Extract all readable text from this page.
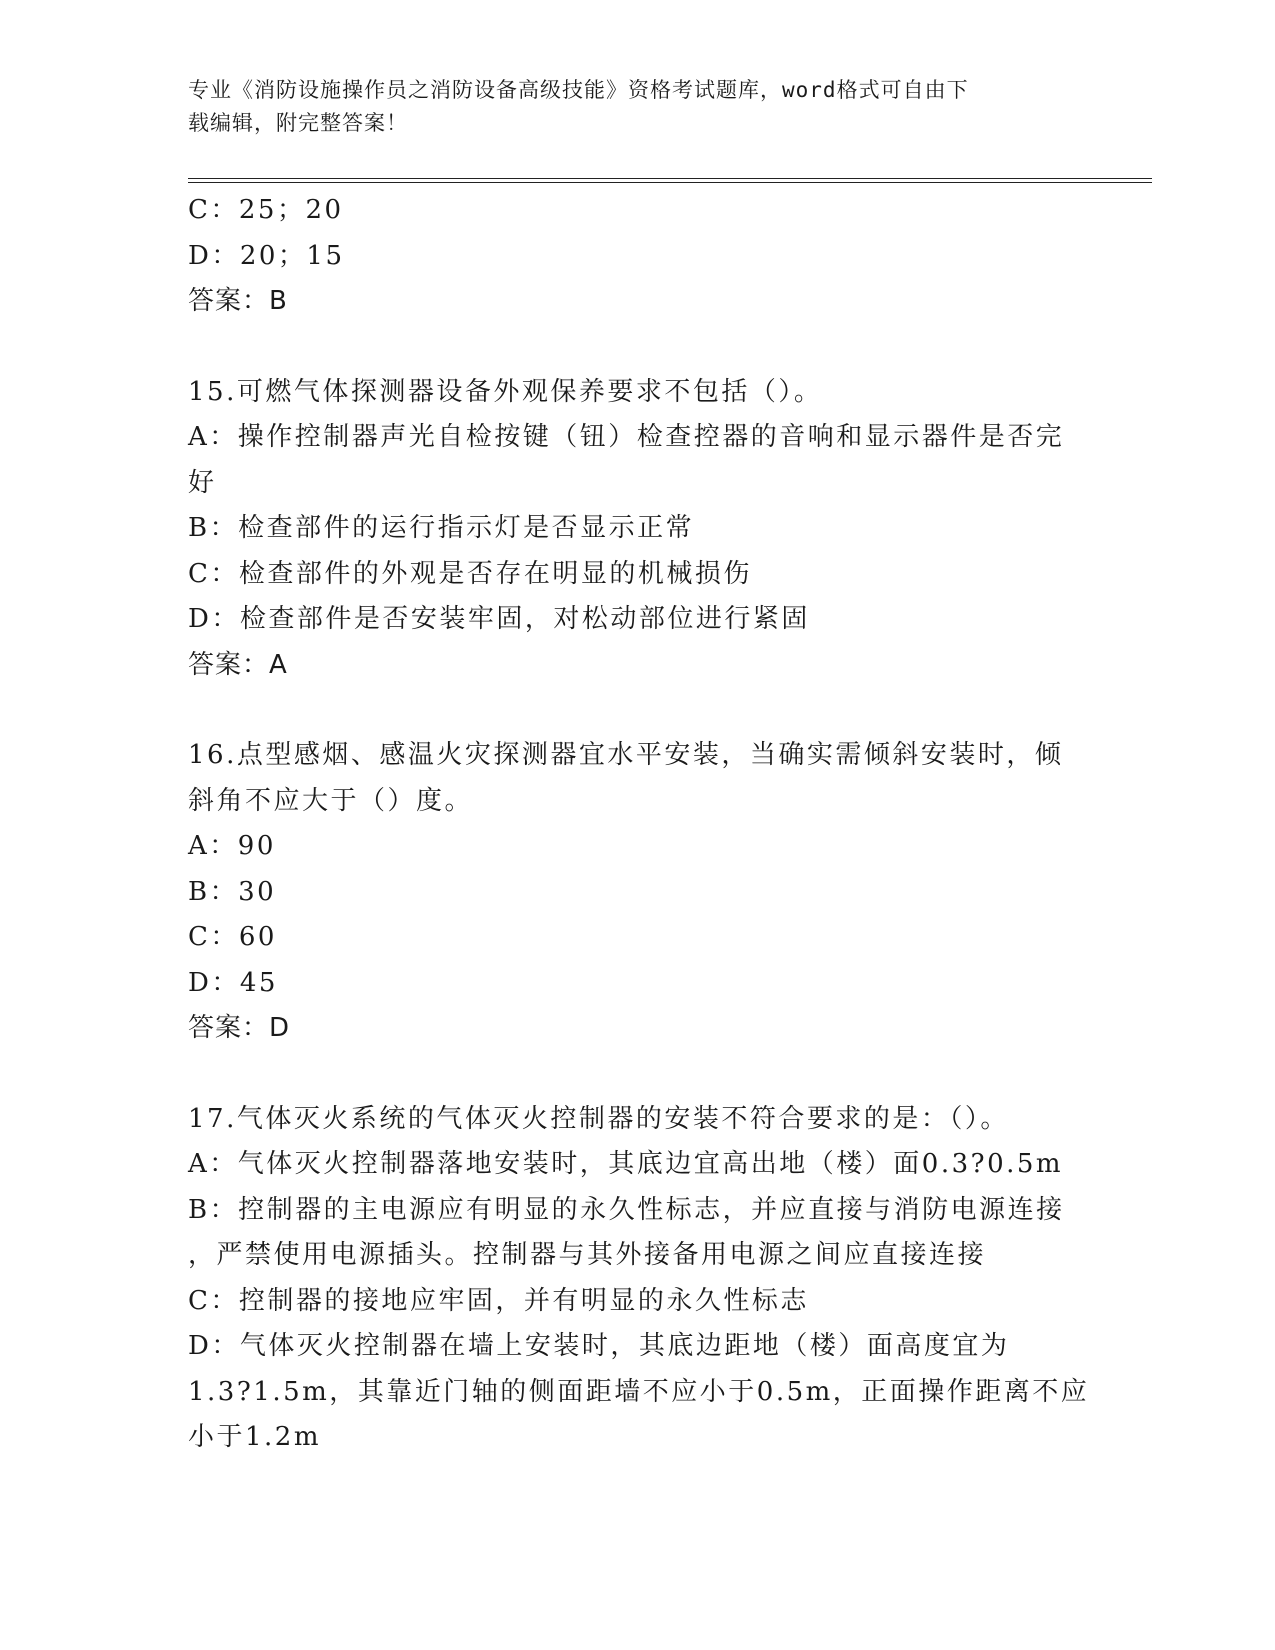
专业《消防设施操作员之消防设备高级技能》资格考试题库，word格式可自由下
载编辑，附完整答案！
C：25；20
D：20；15
答案：B
15.可燃气体探测器设备外观保养要求不包括（）。
A：操作控制器声光自检按键（钮）检查控器的音响和显示器件是否完
好
B：检查部件的运行指示灯是否显示正常
C：检查部件的外观是否存在明显的机械损伤
D：检查部件是否安装牢固，对松动部位进行紧固
答案：A
16.点型感烟、感温火灾探测器宜水平安装，当确实需倾斜安装时，倾
斜角不应大于（）度。
A：90
B：30
C：60
D：45
答案：D
17.气体灭火系统的气体灭火控制器的安装不符合要求的是：（）。
A：气体灭火控制器落地安装时，其底边宜高出地（楼）面0.3?0.5m
B：控制器的主电源应有明显的永久性标志，并应直接与消防电源连接
，严禁使用电源插头。控制器与其外接备用电源之间应直接连接
C：控制器的接地应牢固，并有明显的永久性标志
D：气体灭火控制器在墙上安装时，其底边距地（楼）面高度宜为
1.3?1.5m，其靠近门轴的侧面距墙不应小于0.5m，正面操作距离不应
小于1.2m
